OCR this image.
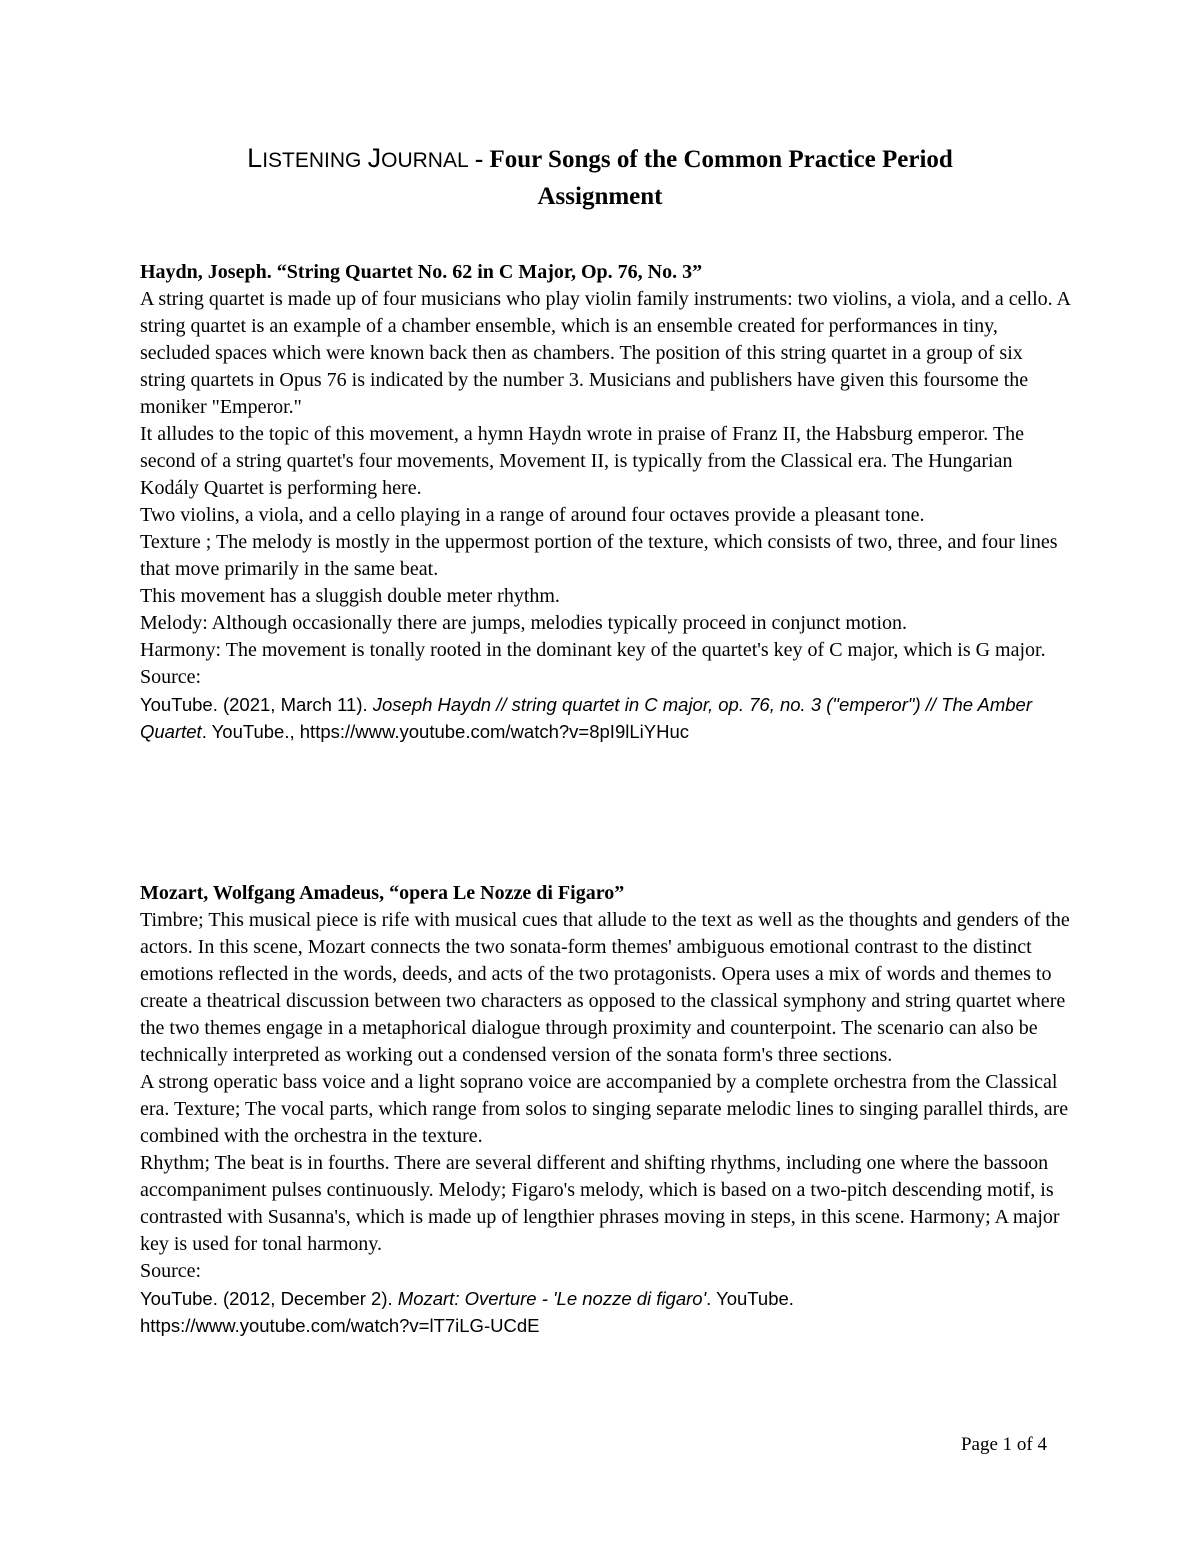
LISTENING JOURNAL - Four Songs of the Common Practice Period
Assignment

Haydn, Joseph. “String Quartet No. 62 in C Major, Op. 76, No. 3”

A string quartet is made up of four musicians who play violin family instruments: two violins, a viola, and a cello. A string quartet is an example of a chamber ensemble, which is an ensemble created for performances in tiny, secluded spaces which were known back then as chambers. The position of this string quartet in a group of six string quartets in Opus 76 is indicated by the number 3. Musicians and publishers have given this foursome the moniker "Emperor."

It alludes to the topic of this movement, a hymn Haydn wrote in praise of Franz II, the Habsburg emperor. The second of a string quartet's four movements, Movement II, is typically from the Classical era. The Hungarian Kodály Quartet is performing here.

Two violins, a viola, and a cello playing in a range of around four octaves provide a pleasant tone.

Texture ; The melody is mostly in the uppermost portion of the texture, which consists of two, three, and four lines that move primarily in the same beat.

This movement has a sluggish double meter rhythm.

Melody: Although occasionally there are jumps, melodies typically proceed in conjunct motion.

Harmony: The movement is tonally rooted in the dominant key of the quartet's key of C major, which is G major.

Source:

YouTube. (2021, March 11). Joseph Haydn // string quartet in C major, op. 76, no. 3 ("emperor") // The Amber Quartet. YouTube., https://www.youtube.com/watch?v=8pI9lLiYHuc

Mozart, Wolfgang Amadeus, “opera Le Nozze di Figaro”

Timbre; This musical piece is rife with musical cues that allude to the text as well as the thoughts and genders of the actors. In this scene, Mozart connects the two sonata-form themes' ambiguous emotional contrast to the distinct emotions reflected in the words, deeds, and acts of the two protagonists. Opera uses a mix of words and themes to create a theatrical discussion between two characters as opposed to the classical symphony and string quartet where the two themes engage in a metaphorical dialogue through proximity and counterpoint. The scenario can also be technically interpreted as working out a condensed version of the sonata form's three sections.

A strong operatic bass voice and a light soprano voice are accompanied by a complete orchestra from the Classical era. Texture; The vocal parts, which range from solos to singing separate melodic lines to singing parallel thirds, are combined with the orchestra in the texture.

Rhythm; The beat is in fourths. There are several different and shifting rhythms, including one where the bassoon accompaniment pulses continuously. Melody; Figaro's melody, which is based on a two-pitch descending motif, is contrasted with Susanna's, which is made up of lengthier phrases moving in steps, in this scene. Harmony; A major key is used for tonal harmony.

Source:

YouTube. (2012, December 2). Mozart: Overture - 'Le nozze di figaro'. YouTube.

https://www.youtube.com/watch?v=lT7iLG-UCdE

Page 1 of 4
